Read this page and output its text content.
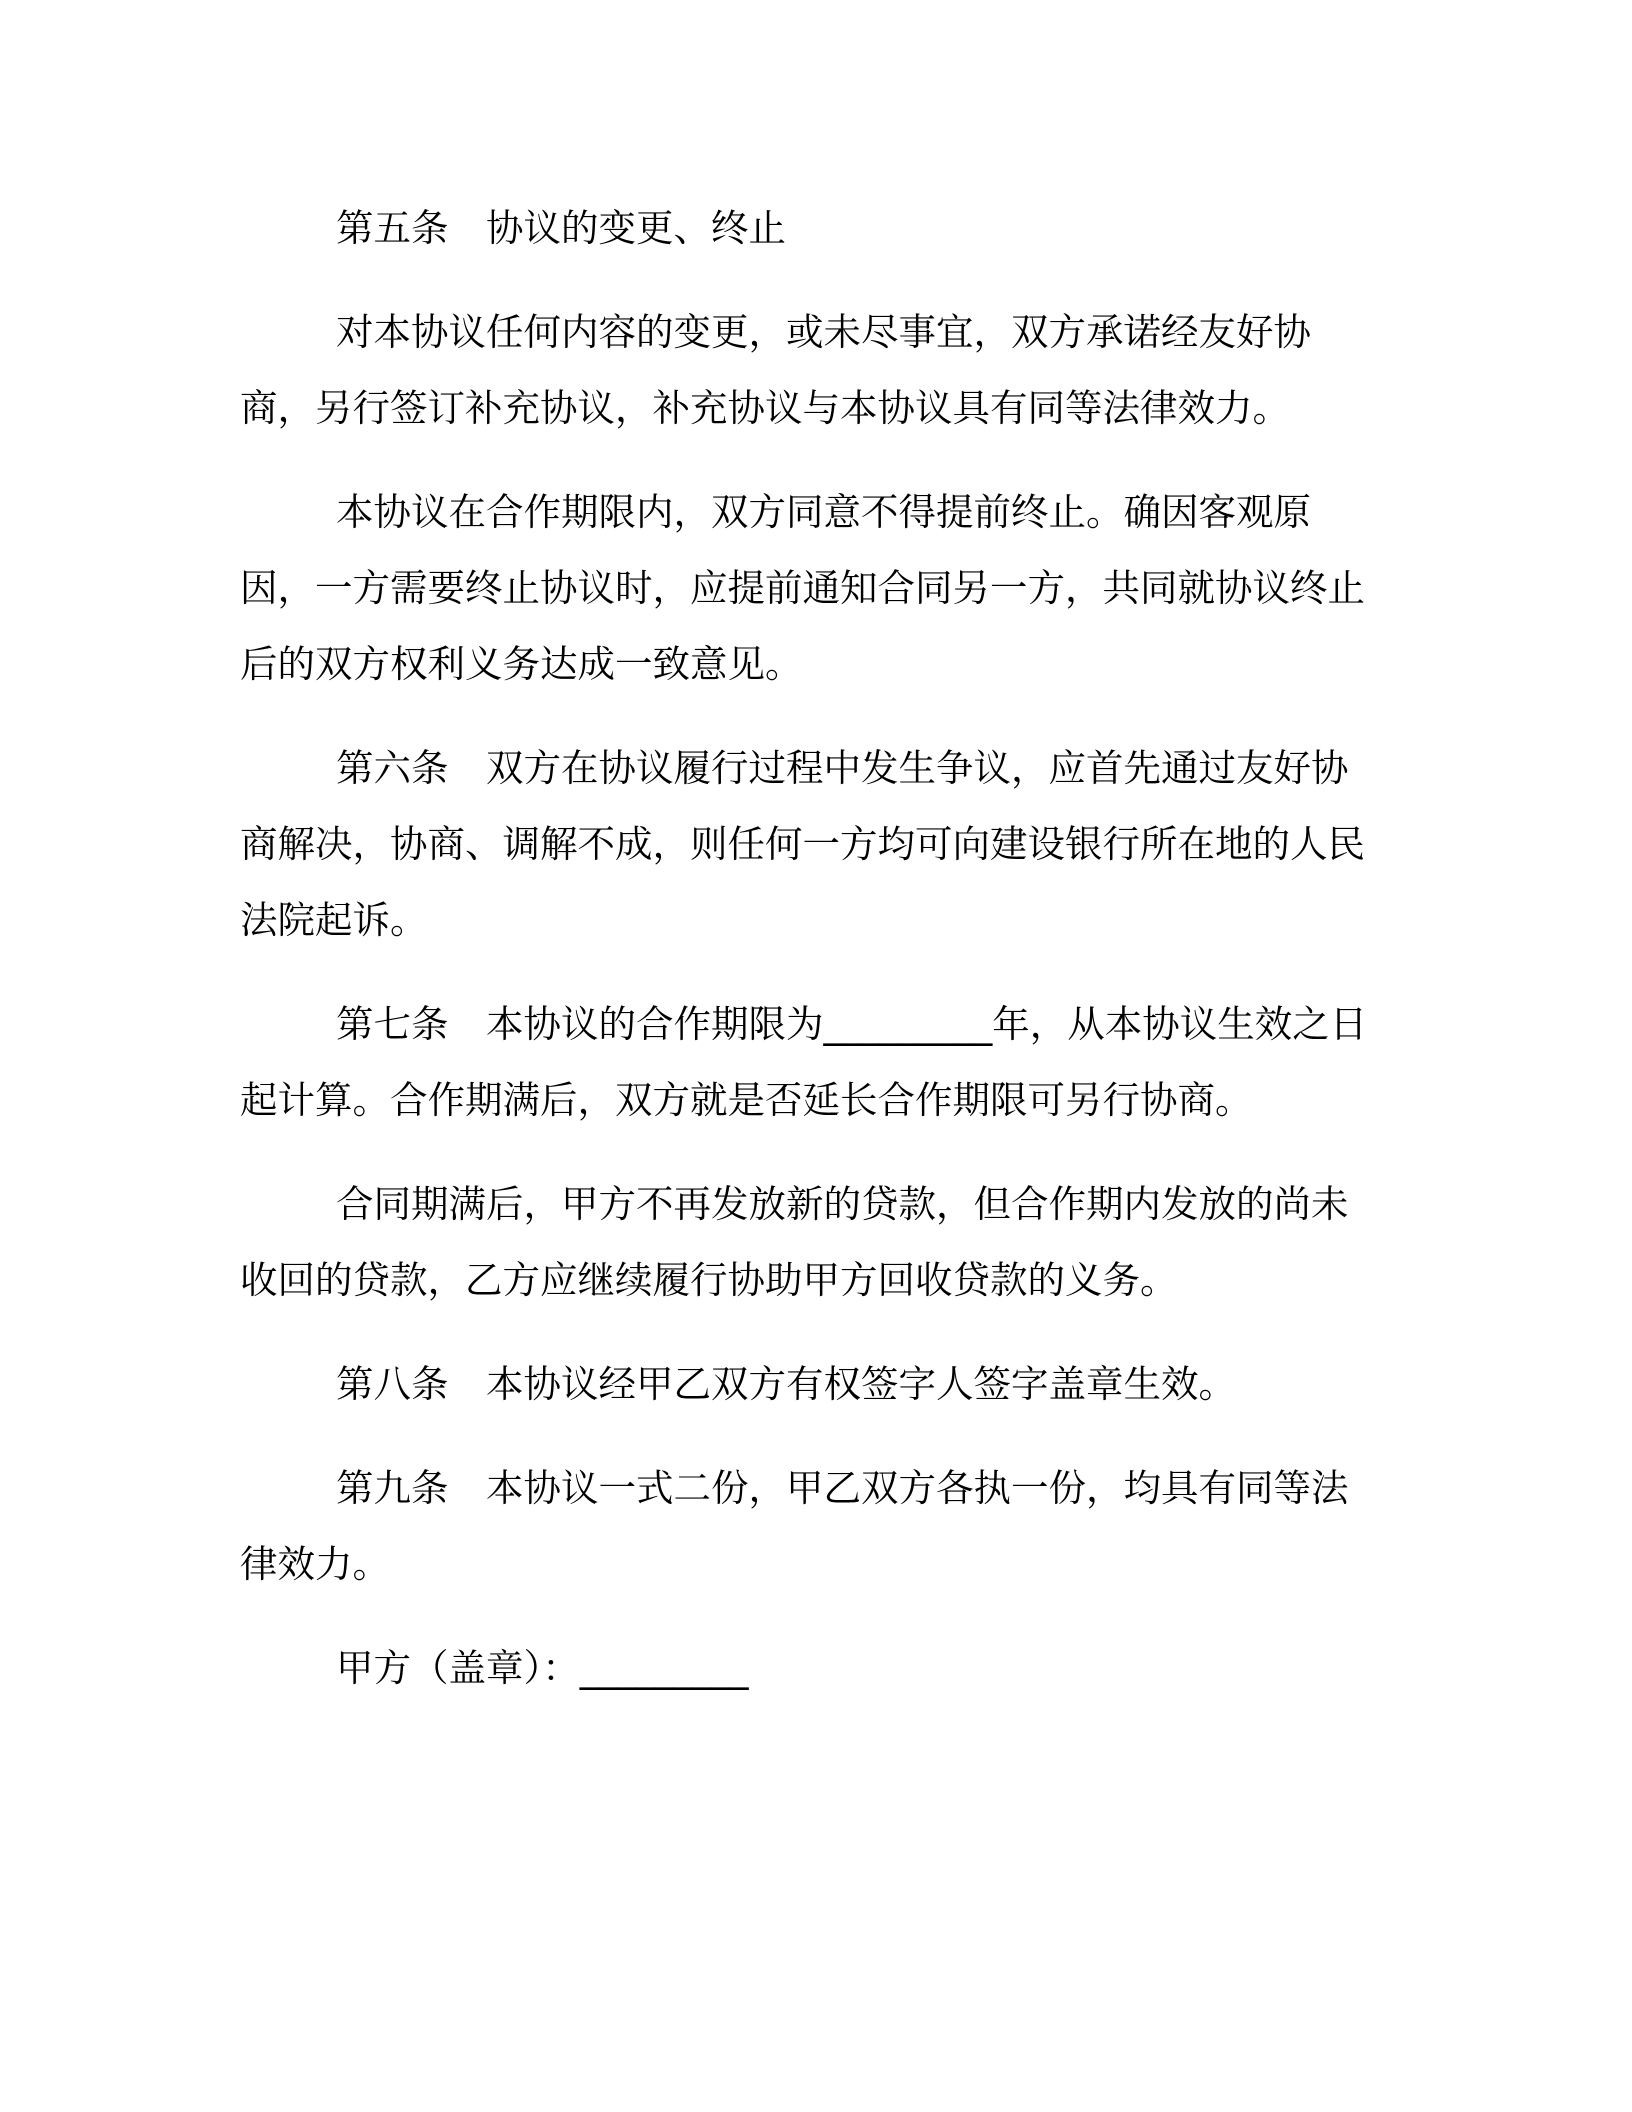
第五条　协议的变更、终止

对本协议任何内容的变更，或未尽事宜，双方承诺经友好协商，另行签订补充协议，补充协议与本协议具有同等法律效力。

本协议在合作期限内，双方同意不得提前终止。确因客观原因，一方需要终止协议时，应提前通知合同另一方，共同就协议终止后的双方权利义务达成一致意见。

第六条　双方在协议履行过程中发生争议，应首先通过友好协商解决，协商、调解不成，则任何一方均可向建设银行所在地的人民法院起诉。

第七条　本协议的合作期限为_________年，从本协议生效之日起计算。合作期满后，双方就是否延长合作期限可另行协商。

合同期满后，甲方不再发放新的贷款，但合作期内发放的尚未收回的贷款，乙方应继续履行协助甲方回收贷款的义务。

第八条　本协议经甲乙双方有权签字人签字盖章生效。

第九条　本协议一式二份，甲乙双方各执一份，均具有同等法律效力。

甲方（盖章）：_________
